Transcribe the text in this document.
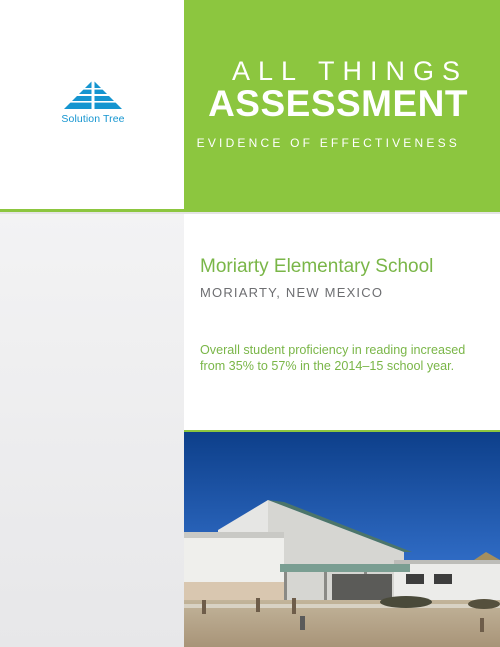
Solution Tree
ALL THINGS
ASSESSMENT
EVIDENCE OF EFFECTIVENESS
Moriarty Elementary School
MORIARTY, NEW MEXICO
Overall student proficiency in reading increased from 35% to 57% in the 2014–15 school year.
